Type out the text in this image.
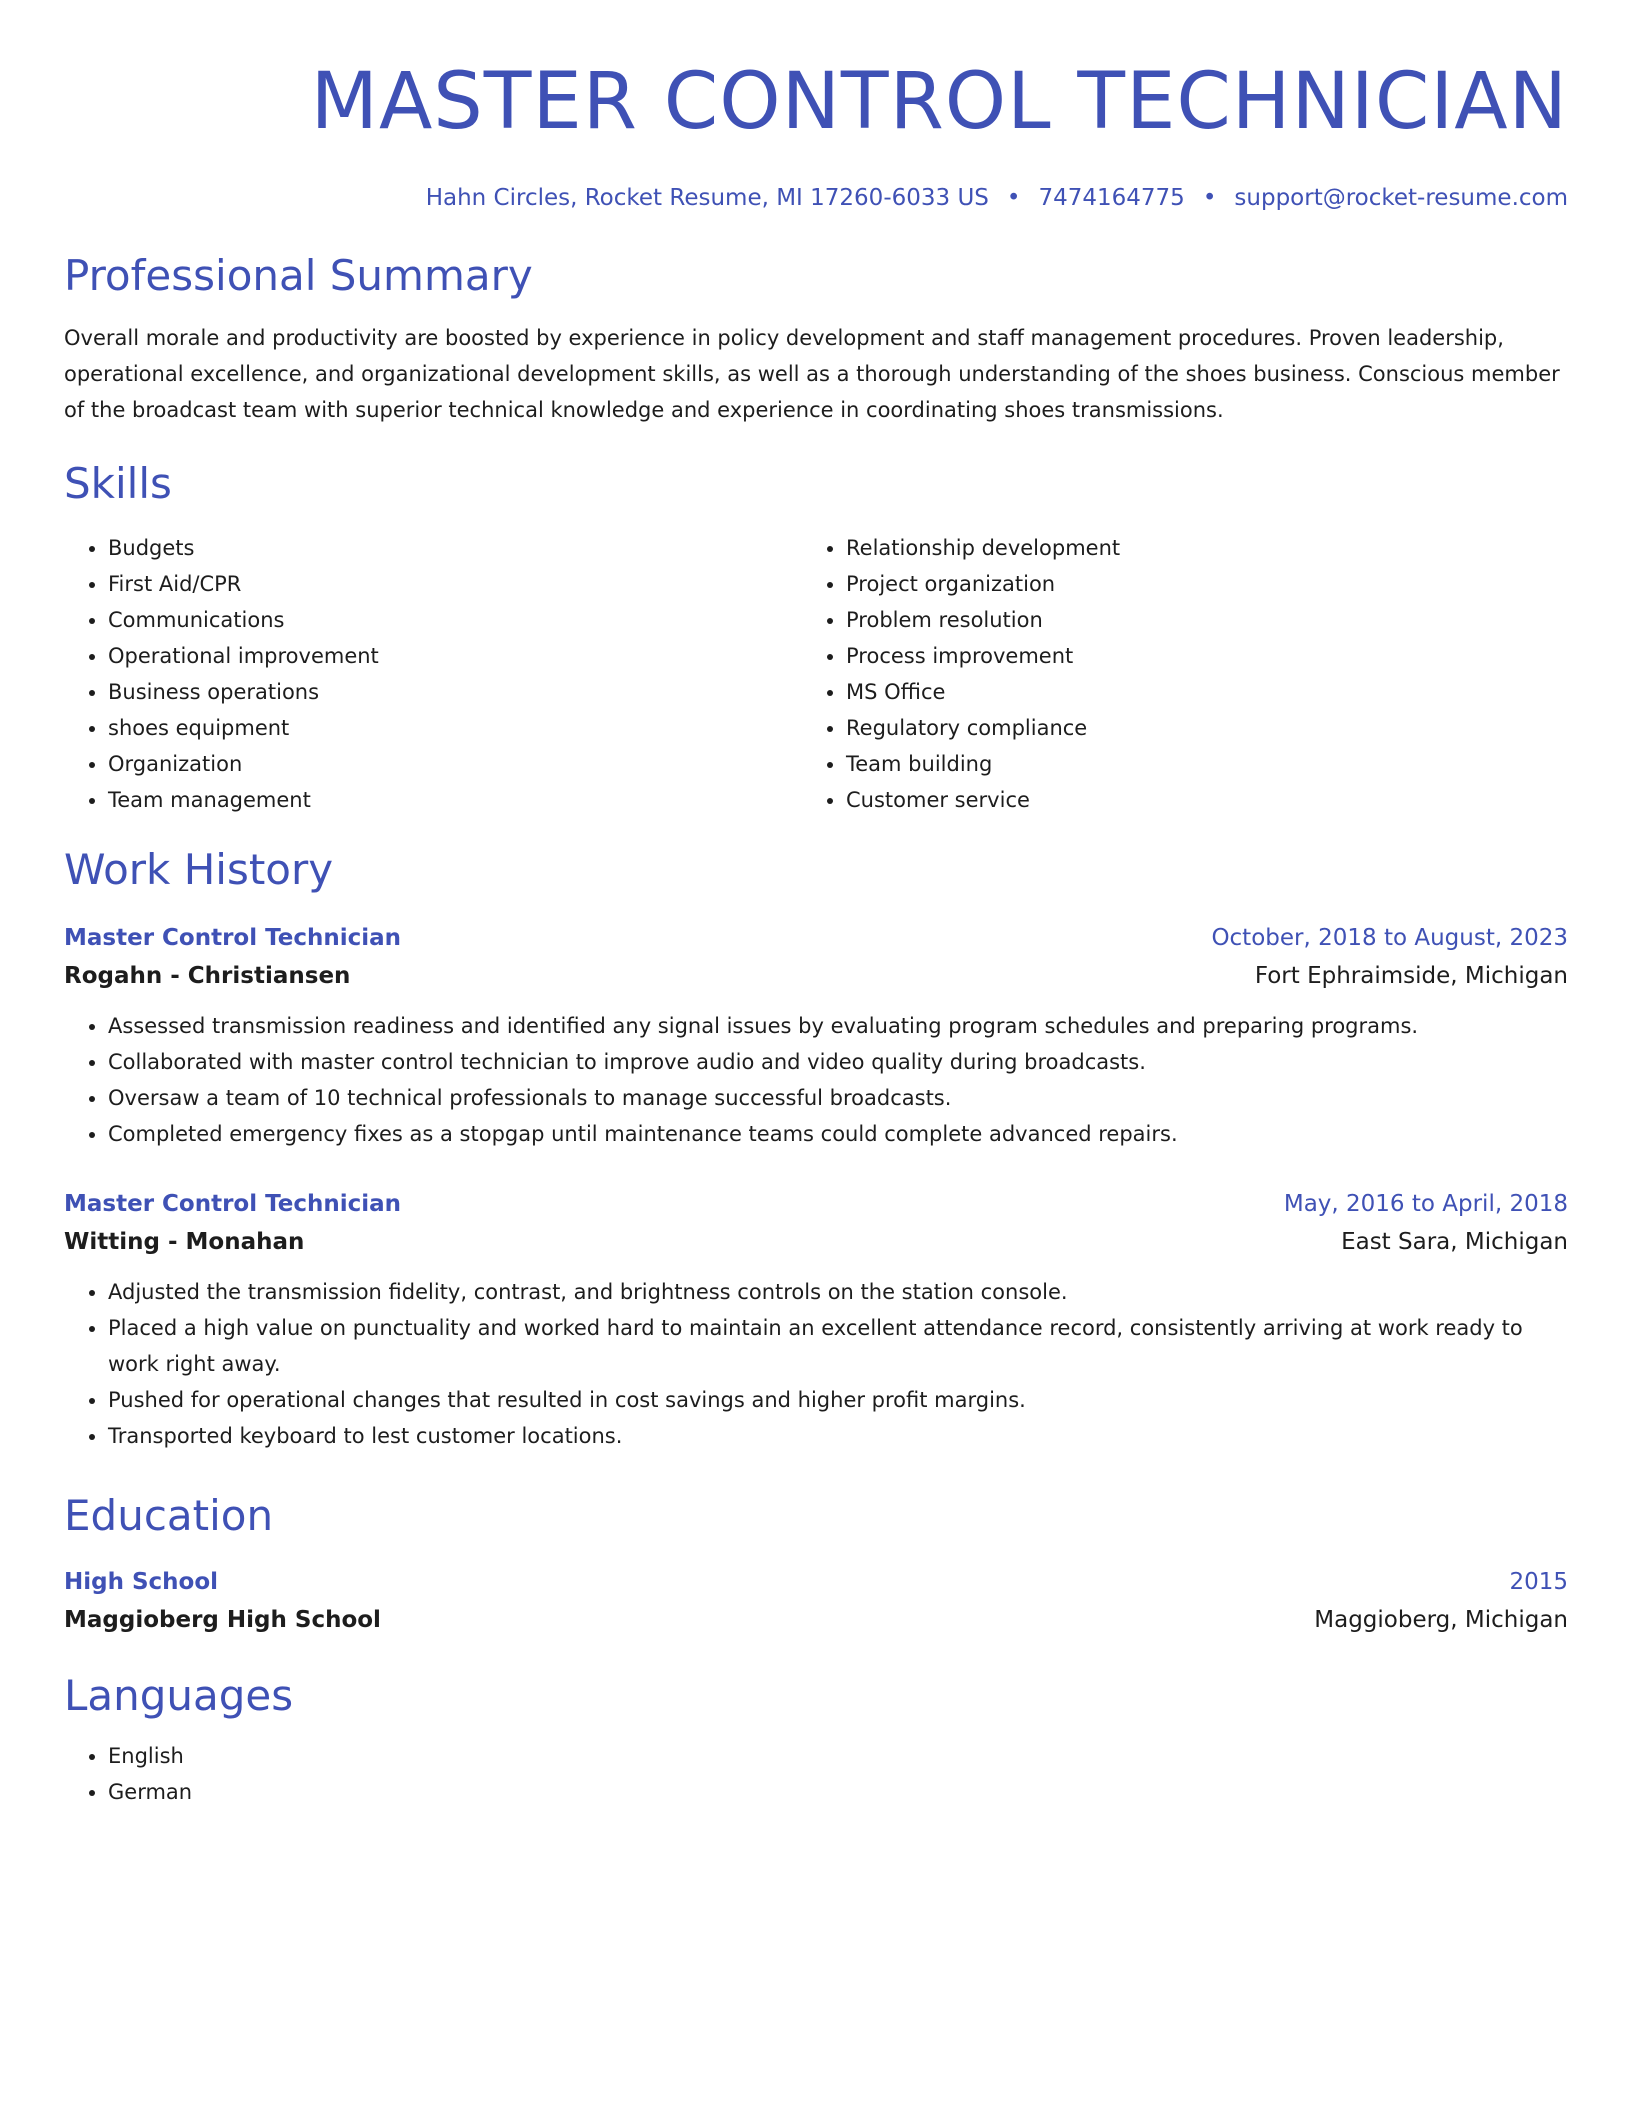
MASTER CONTROL TECHNICIAN
Hahn Circles, Rocket Resume, MI 17260-6033 US • 7474164775 • support@rocket-resume.com
Professional Summary
Overall morale and productivity are boosted by experience in policy development and staff management procedures. Proven leadership, operational excellence, and organizational development skills, as well as a thorough understanding of the shoes business. Conscious member of the broadcast team with superior technical knowledge and experience in coordinating shoes transmissions.
Skills
• Budgets
• First Aid/CPR
• Communications
• Operational improvement
• Business operations
• shoes equipment
• Organization
• Team management
• Relationship development
• Project organization
• Problem resolution
• Process improvement
• MS Office
• Regulatory compliance
• Team building
• Customer service
Work History
Master Control Technician	October, 2018 to August, 2023
Rogahn - Christiansen	Fort Ephraimside, Michigan
• Assessed transmission readiness and identified any signal issues by evaluating program schedules and preparing programs.
• Collaborated with master control technician to improve audio and video quality during broadcasts.
• Oversaw a team of 10 technical professionals to manage successful broadcasts.
• Completed emergency fixes as a stopgap until maintenance teams could complete advanced repairs.
Master Control Technician	May, 2016 to April, 2018
Witting - Monahan	East Sara, Michigan
• Adjusted the transmission fidelity, contrast, and brightness controls on the station console.
• Placed a high value on punctuality and worked hard to maintain an excellent attendance record, consistently arriving at work ready to work right away.
• Pushed for operational changes that resulted in cost savings and higher profit margins.
• Transported keyboard to lest customer locations.
Education
High School	2015
Maggioberg High School	Maggioberg, Michigan
Languages
• English
• German
